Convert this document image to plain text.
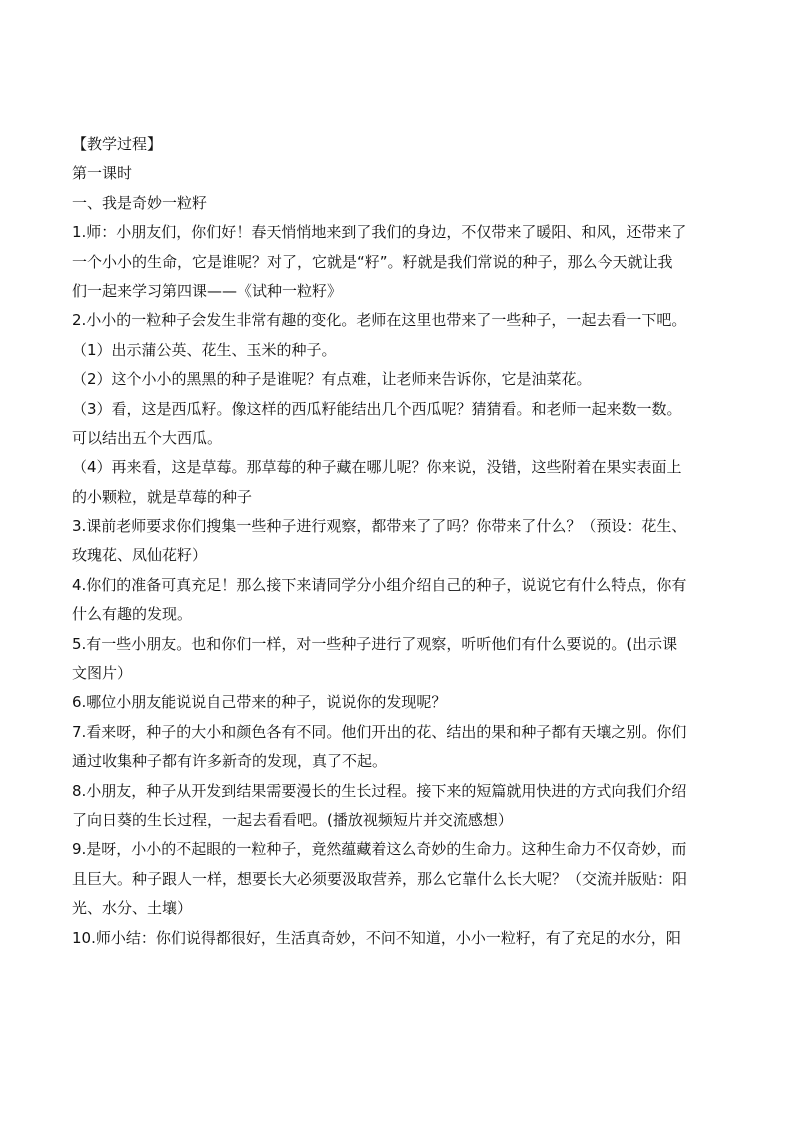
【教学过程】
第一课时
一、我是奇妙一粒籽
1.师：小朋友们，你们好！春天悄悄地来到了我们的身边，不仅带来了暖阳、和风，还带来了
一个小小的生命，它是谁呢？对了，它就是“籽”。籽就是我们常说的种子，那么今天就让我
们一起来学习第四课——《试种一粒籽》
2.小小的一粒种子会发生非常有趣的变化。老师在这里也带来了一些种子，一起去看一下吧。
（1）出示蒲公英、花生、玉米的种子。
（2）这个小小的黑黑的种子是谁呢？有点难，让老师来告诉你，它是油菜花。
（3）看，这是西瓜籽。像这样的西瓜籽能结出几个西瓜呢？猜猜看。和老师一起来数一数。
可以结出五个大西瓜。
（4）再来看，这是草莓。那草莓的种子藏在哪儿呢？你来说，没错，这些附着在果实表面上
的小颗粒，就是草莓的种子
3.课前老师要求你们搜集一些种子进行观察，都带来了了吗？你带来了什么？（预设：花生、
玫瑰花、凤仙花籽）
4.你们的准备可真充足！那么接下来请同学分小组介绍自己的种子，说说它有什么特点，你有
什么有趣的发现。
5.有一些小朋友。也和你们一样，对一些种子进行了观察，听听他们有什么要说的。(出示课
文图片）
6.哪位小朋友能说说自己带来的种子，说说你的发现呢？
7.看来呀，种子的大小和颜色各有不同。他们开出的花、结出的果和种子都有天壤之别。你们
通过收集种子都有许多新奇的发现，真了不起。
8.小朋友，种子从开发到结果需要漫长的生长过程。接下来的短篇就用快进的方式向我们介绍
了向日葵的生长过程，一起去看看吧。(播放视频短片并交流感想）
9.是呀，小小的不起眼的一粒种子，竟然蕴藏着这么奇妙的生命力。这种生命力不仅奇妙，而
且巨大。种子跟人一样，想要长大必须要汲取营养，那么它靠什么长大呢？（交流并版贴：阳
光、水分、土壤）
10.师小结：你们说得都很好，生活真奇妙，不问不知道，小小一粒籽，有了充足的水分，阳
